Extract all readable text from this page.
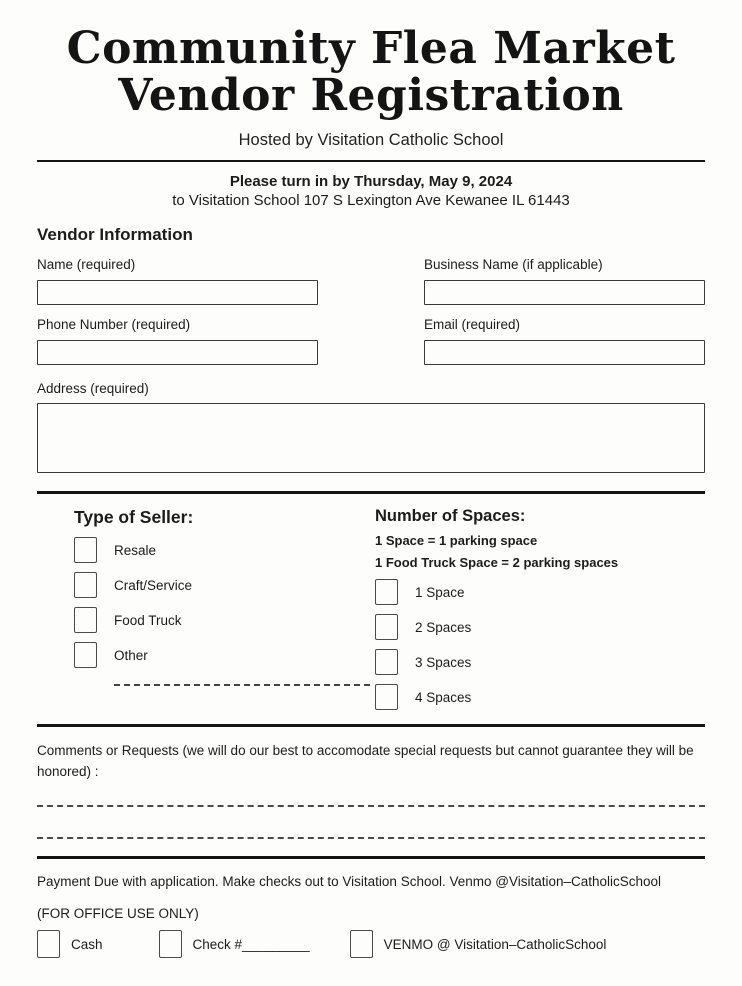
Community Flea Market
Vendor Registration
Hosted by Visitation Catholic School
Please turn in by Thursday, May 9, 2024
to Visitation School 107 S Lexington Ave Kewanee IL 61443
Vendor Information
Name (required)	Business Name (if applicable)
Phone Number (required)	Email (required)
Address (required)
Type of Seller:
Resale
Craft/Service
Food Truck
Other
Number of Spaces:
1 Space = 1 parking space
1 Food Truck Space = 2 parking spaces
1 Space
2 Spaces
3 Spaces
4 Spaces
Comments or Requests (we will do our best to accomodate special requests but cannot guarantee they will be honored) :
Payment Due with application. Make checks out to Visitation School. Venmo @Visitation–CatholicSchool
(FOR OFFICE USE ONLY)
Cash	Check #_________	VENMO @ Visitation–CatholicSchool
